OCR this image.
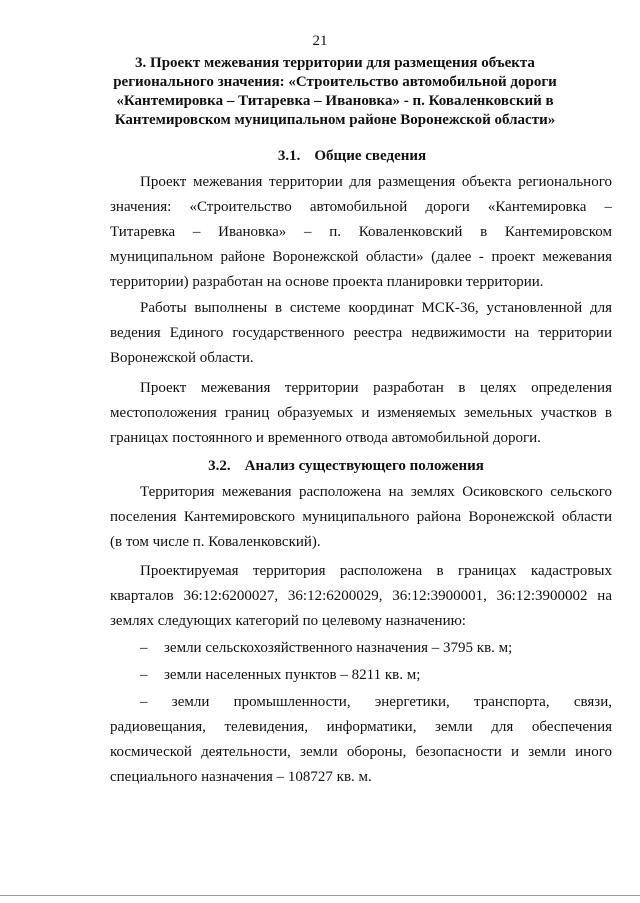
21
3. Проект межевания территории для размещения объекта
регионального значения: «Строительство автомобильной дороги
«Кантемировка – Титаревка – Ивановка» - п. Коваленковский в
Кантемировском муниципальном районе Воронежской области»
3.1. Общие сведения
Проект межевания территории для размещения объекта регионального
значения: «Строительство автомобильной дороги «Кантемировка –
Титаревка – Ивановка» – п. Коваленковский в Кантемировском
муниципальном районе Воронежской области» (далее - проект межевания
территории) разработан на основе проекта планировки территории.
Работы выполнены в системе координат МСК-36, установленной для
ведения Единого государственного реестра недвижимости на территории
Воронежской области.
Проект межевания территории разработан в целях определения
местоположения границ образуемых и изменяемых земельных участков в
границах постоянного и временного отвода автомобильной дороги.
3.2. Анализ существующего положения
Территория межевания расположена на землях Осиковского сельского
поселения Кантемировского муниципального района Воронежской области
(в том числе п. Коваленковский).
Проектируемая территория расположена в границах кадастровых
кварталов 36:12:6200027, 36:12:6200029, 36:12:3900001, 36:12:3900002 на
землях следующих категорий по целевому назначению:
– земли сельскохозяйственного назначения – 3795 кв. м;
– земли населенных пунктов – 8211 кв. м;
– земли промышленности, энергетики, транспорта, связи,
радиовещания, телевидения, информатики, земли для обеспечения
космической деятельности, земли обороны, безопасности и земли иного
специального назначения – 108727 кв. м.
